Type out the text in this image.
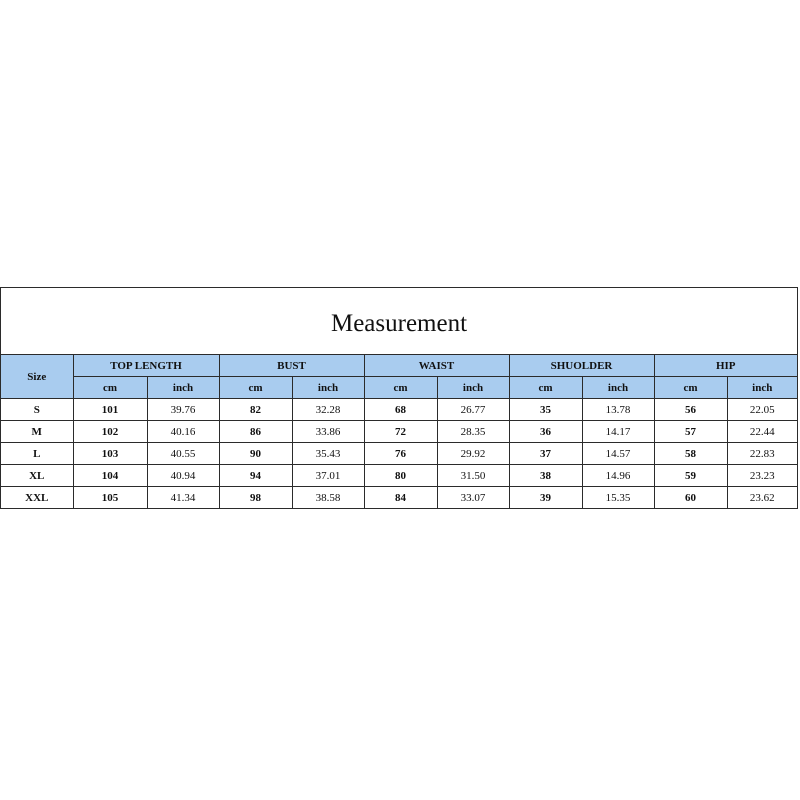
Measurement
Size	TOP LENGTH		BUST		WAIST		SHUOLDER		HIP	
	cm	inch	cm	inch	cm	inch	cm	inch	cm	inch
S	101	39.76	82	32.28	68	26.77	35	13.78	56	22.05
M	102	40.16	86	33.86	72	28.35	36	14.17	57	22.44
L	103	40.55	90	35.43	76	29.92	37	14.57	58	22.83
XL	104	40.94	94	37.01	80	31.50	38	14.96	59	23.23
XXL	105	41.34	98	38.58	84	33.07	39	15.35	60	23.62
